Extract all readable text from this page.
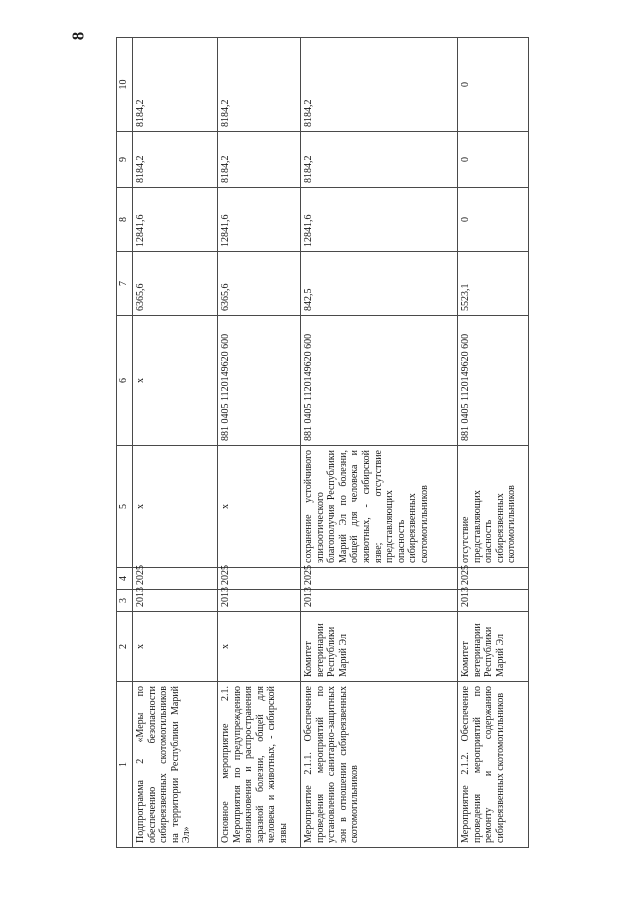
8
1	2	3	4	5	6	7	8	9	10
Подпрограмма 2 «Меры по обеспечению безопасности сибиреязвенных скотомогильников на территории Республики Марий Эл»	х	2013	2025	х	х	6365,6	12841,6	8184,2	8184,2
Основное мероприятие 2.1. Мероприятия по предупреждению возникновения и распространения заразной болезни, общей для человека и животных, - сибирской язвы	х	2013	2025	х	881 0405 1120149620 600	6365,6	12841,6	8184,2	8184,2
Мероприятие 2.1.1. Обеспечение проведения мероприятий по установлению санитарно-защитных зон в отношении сибиреязвенных скотомогильников	Комитет ветеринарии Республики Марий Эл	2013	2025	сохранение устойчивого эпизоотического благополучия Республики Марий Эл по болезни, общей для человека и животных, - сибирской язве; отсутствие представляющих опасность сибиреязвенных скотомогильников	881 0405 1120149620 600	842,5	12841,6	8184,2	8184,2
Мероприятие 2.1.2. Обеспечение проведения мероприятий по ремонту и содержанию сибиреязвенных скотомогильников	Комитет ветеринарии Республики Марий Эл	2013	2025	отсутствие представляющих опасность сибиреязвенных скотомогильников	881 0405 1120149620 600	5523,1	0	0	0
